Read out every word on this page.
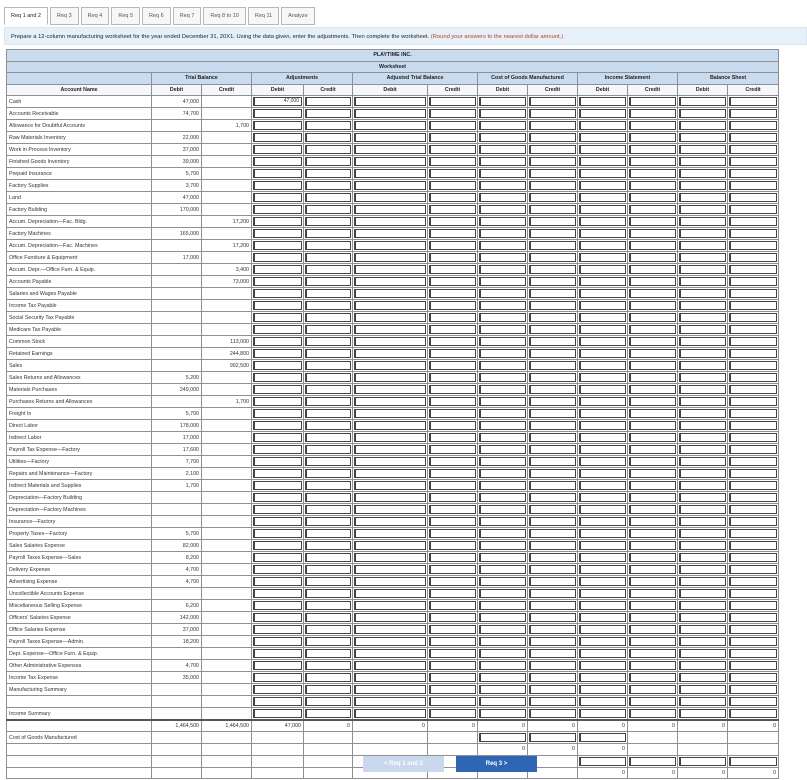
Req 1 and 2	Req 3	Req 4	Req 5	Req 6	Req 7	Req 8 to 10	Req 11	Analyze
Prepare a 12-column manufacturing worksheet for the year ended December 31, 20X1. Using the data given, enter the adjustments. Then complete the worksheet. (Round your answers to the nearest dollar amount.)
PLAYTIME INC.												
Worksheet												
	Trial Balance		Adjustments		Adjusted Trial Balance		Cost of Goods Manufactured		Income Statement		Balance Sheet	
Account Name	Debit	Credit	Debit	Credit	Debit	Credit	Debit	Credit	Debit	Credit	Debit	Credit
Cash	47,000		47,000									

Accounts Receivable	74,700		

Allowance for Doubtful Accounts		1,700	

Raw Materials Inventory	22,000		

Work in Process Inventory	37,000		

Finished Goods Inventory	39,000		

Prepaid Insurance	5,700		

Factory Supplies	3,700		

Land	47,000		

Factory Building	170,000		

Accum. Depreciation—Fac. Bldg.		17,200	

Factory Machines	165,000		

Accum. Depreciation—Fac. Machines		17,200	

Office Furniture & Equipment	17,000		

Accum. Depr.—Office Furn. & Equip.		3,400	

Accounts Payable		73,000	

Salaries and Wages Payable			

Income Tax Payable			

Social Security Tax Payable			

Medicare Tax Payable			

Common Stock		113,000	

Retained Earnings		244,800	

Sales		992,500	

Sales Returns and Allowances	5,200		

Materials Purchases	249,000		

Purchases Returns and Allowances		1,700	

Freight In	5,700		

Direct Labor	178,000		

Indirect Labor	17,000		

Payroll Tax Expense—Factory	17,600		

Utilities—Factory	7,700		

Repairs and Maintenance—Factory	2,100		

Indirect Materials and Supplies	1,700		

Depreciation—Factory Building			

Depreciation—Factory Machines			

Insurance—Factory			

Property Taxes—Factory	5,700		

Sales Salaries Expense	82,000		

Payroll Taxes Expense—Sales	8,200		

Delivery Expense	4,700		

Advertising Expense	4,700		

Uncollectible Accounts Expense			

Miscellaneous Selling Expense	6,200		

Officers' Salaries Expense	142,000		

Office Salaries Expense	37,000		

Payroll Taxes Expense—Admin.	18,200		

Depr. Expense—Office Furn. & Equip.			

Other Administrative Expenses	4,700		

Income Tax Expense	35,000		

Manufacturing Summary			

Income Summary			

	1,464,500	1,464,500	47,000	0	0	0	0	0	0	0	0	0
Cost of Goods Manufactured							

							0	0	0			

									0	0	0	0
< Req 1 and 2	Req 3 >
